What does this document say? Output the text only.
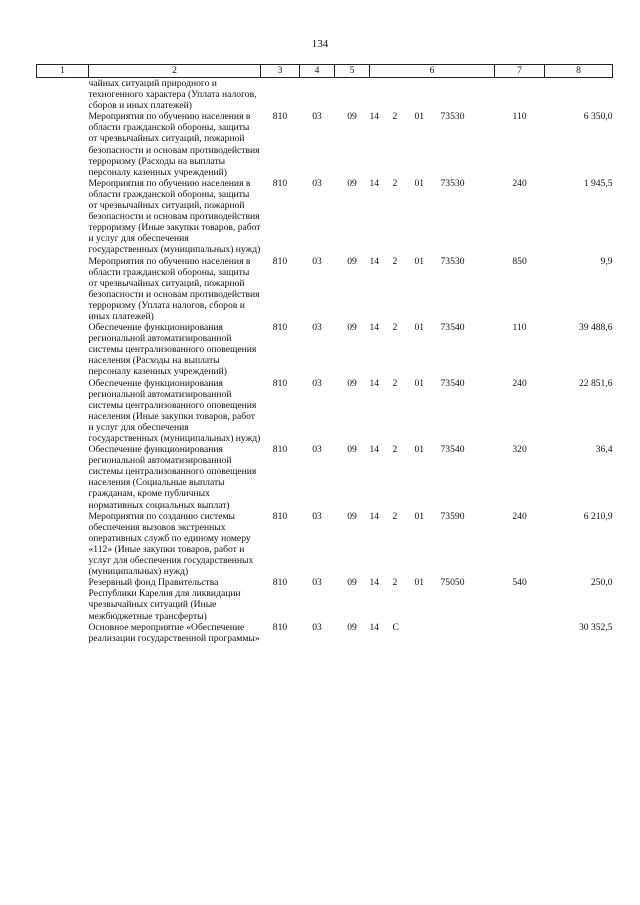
134
1	2	3	4	5	6				7	8
	чайных ситуаций природного и техногенного характера (Уплата налогов, сборов и иных платежей)									
	Мероприятия по обучению населения в области гражданской обороны, защиты от чрезвычайных ситуаций, пожарной безопасности и основам противодействия терроризму (Расходы на выплаты персоналу казенных учреждений)	810	03	09	14	2	01	73530	110	6 350,0
	Мероприятия по обучению населения в области гражданской обороны, защиты от чрезвычайных ситуаций, пожарной безопасности и основам противодействия терроризму (Иные закупки товаров, работ и услуг для обеспечения государственных (муниципальных) нужд)	810	03	09	14	2	01	73530	240	1 945,5
	Мероприятия по обучению населения в области гражданской обороны, защиты от чрезвычайных ситуаций, пожарной безопасности и основам противодействия терроризму (Уплата налогов, сборов и иных платежей)	810	03	09	14	2	01	73530	850	9,9
	Обеспечение функционирования региональной автоматизированной системы централизованного оповещения населения (Расходы на выплаты персоналу казенных учреждений)	810	03	09	14	2	01	73540	110	39 488,6
	Обеспечение функционирования региональной автоматизированной системы централизованного оповещения населения (Иные закупки товаров, работ и услуг для обеспечения государственных (муниципальных) нужд)	810	03	09	14	2	01	73540	240	22 851,6
	Обеспечение функционирования региональной автоматизированной системы централизованного оповещения населения (Социальные выплаты гражданам, кроме публичных нормативных социальных выплат)	810	03	09	14	2	01	73540	320	36,4
	Мероприятия по созданию системы обеспечения вызовов экстренных оперативных служб по единому номеру «112» (Иные закупки товаров, работ и услуг для обеспечения государственных (муниципальных) нужд)	810	03	09	14	2	01	73590	240	6 210,9
	Резервный фонд Правительства Республики Карелия для ликвидации чрезвычайных ситуаций (Иные межбюджетные трансферты)	810	03	09	14	2	01	75050	540	250,0
	Основное мероприятие «Обеспечение реализации государственной программы»	810	03	09	14	С				30 352,5
